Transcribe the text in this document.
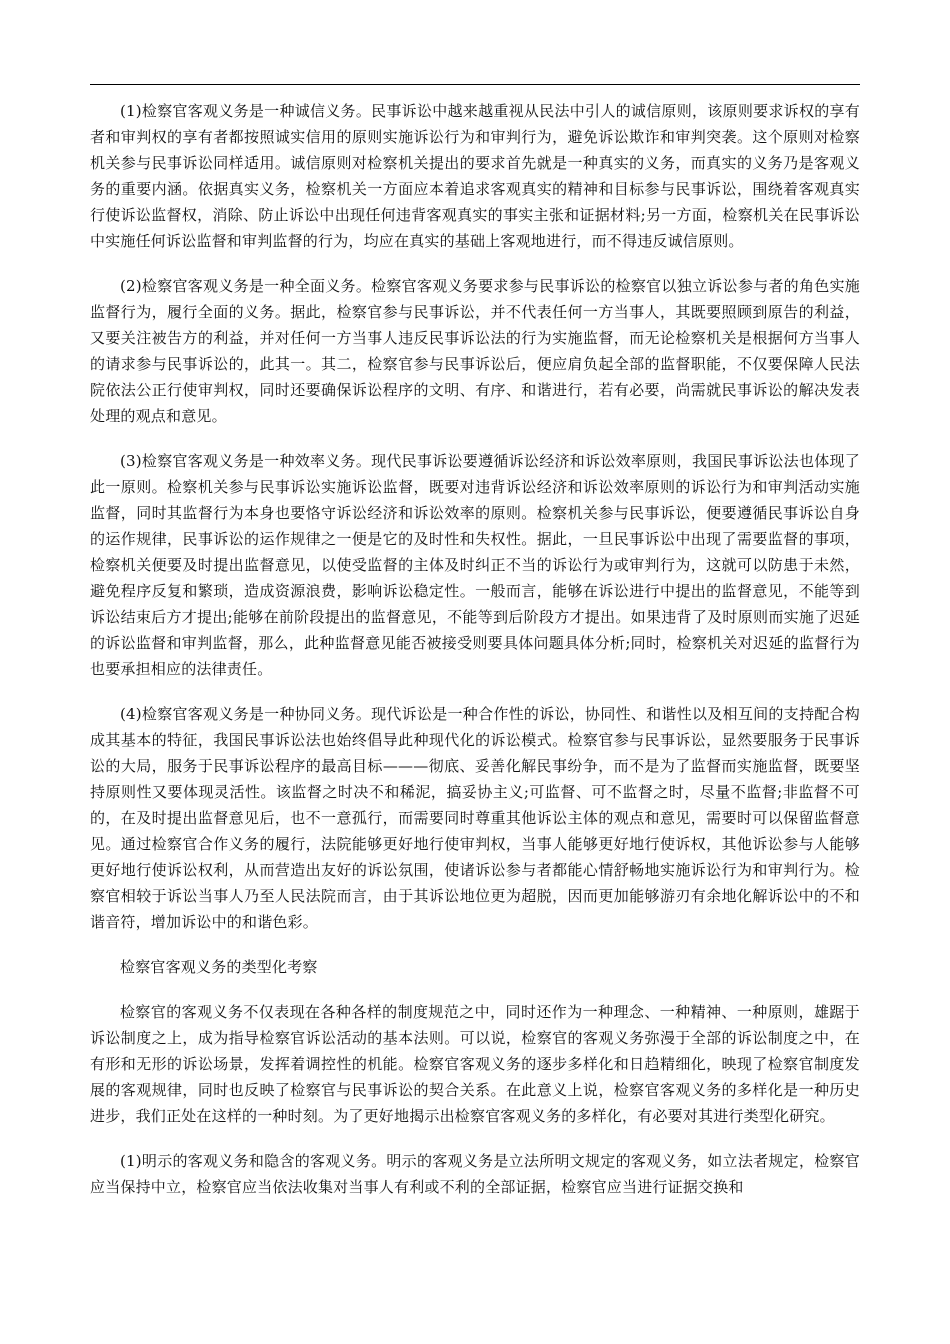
(1)检察官客观义务是一种诚信义务。民事诉讼中越来越重视从民法中引人的诚信原则，该原则要求诉权的享有者和审判权的享有者都按照诚实信用的原则实施诉讼行为和审判行为，避免诉讼欺诈和审判突袭。这个原则对检察机关参与民事诉讼同样适用。诚信原则对检察机关提出的要求首先就是一种真实的义务，而真实的义务乃是客观义务的重要内涵。依据真实义务，检察机关一方面应本着追求客观真实的精神和目标参与民事诉讼，围绕着客观真实行使诉讼监督权，消除、防止诉讼中出现任何违背客观真实的事实主张和证据材料;另一方面，检察机关在民事诉讼中实施任何诉讼监督和审判监督的行为，均应在真实的基础上客观地进行，而不得违反诚信原则。

(2)检察官客观义务是一种全面义务。检察官客观义务要求参与民事诉讼的检察官以独立诉讼参与者的角色实施监督行为，履行全面的义务。据此，检察官参与民事诉讼，并不代表任何一方当事人，其既要照顾到原告的利益，又要关注被告方的利益，并对任何一方当事人违反民事诉讼法的行为实施监督，而无论检察机关是根据何方当事人的请求参与民事诉讼的，此其一。其二，检察官参与民事诉讼后，便应肩负起全部的监督职能，不仅要保障人民法院依法公正行使审判权，同时还要确保诉讼程序的文明、有序、和谐进行，若有必要，尚需就民事诉讼的解决发表处理的观点和意见。

(3)检察官客观义务是一种效率义务。现代民事诉讼要遵循诉讼经济和诉讼效率原则，我国民事诉讼法也体现了此一原则。检察机关参与民事诉讼实施诉讼监督，既要对违背诉讼经济和诉讼效率原则的诉讼行为和审判活动实施监督，同时其监督行为本身也要恪守诉讼经济和诉讼效率的原则。检察机关参与民事诉讼，便要遵循民事诉讼自身的运作规律，民事诉讼的运作规律之一便是它的及时性和失权性。据此，一旦民事诉讼中出现了需要监督的事项，检察机关便要及时提出监督意见，以使受监督的主体及时纠正不当的诉讼行为或审判行为，这就可以防患于未然，避免程序反复和繁琐，造成资源浪费，影响诉讼稳定性。一般而言，能够在诉讼进行中提出的监督意见，不能等到诉讼结束后方才提出;能够在前阶段提出的监督意见，不能等到后阶段方才提出。如果违背了及时原则而实施了迟延的诉讼监督和审判监督，那么，此种监督意见能否被接受则要具体问题具体分析;同时，检察机关对迟延的监督行为也要承担相应的法律责任。

(4)检察官客观义务是一种协同义务。现代诉讼是一种合作性的诉讼，协同性、和谐性以及相互间的支持配合构成其基本的特征，我国民事诉讼法也始终倡导此种现代化的诉讼模式。检察官参与民事诉讼，显然要服务于民事诉讼的大局，服务于民事诉讼程序的最高目标———彻底、妥善化解民事纷争，而不是为了监督而实施监督，既要坚持原则性又要体现灵活性。该监督之时决不和稀泥，搞妥协主义;可监督、可不监督之时，尽量不监督;非监督不可的，在及时提出监督意见后，也不一意孤行，而需要同时尊重其他诉讼主体的观点和意见，需要时可以保留监督意见。通过检察官合作义务的履行，法院能够更好地行使审判权，当事人能够更好地行使诉权，其他诉讼参与人能够更好地行使诉讼权利，从而营造出友好的诉讼氛围，使诸诉讼参与者都能心情舒畅地实施诉讼行为和审判行为。检察官相较于诉讼当事人乃至人民法院而言，由于其诉讼地位更为超脱，因而更加能够游刃有余地化解诉讼中的不和谐音符，增加诉讼中的和谐色彩。

检察官客观义务的类型化考察

检察官的客观义务不仅表现在各种各样的制度规范之中，同时还作为一种理念、一种精神、一种原则，雄踞于诉讼制度之上，成为指导检察官诉讼活动的基本法则。可以说，检察官的客观义务弥漫于全部的诉讼制度之中，在有形和无形的诉讼场景，发挥着调控性的机能。检察官客观义务的逐步多样化和日趋精细化，映现了检察官制度发展的客观规律，同时也反映了检察官与民事诉讼的契合关系。在此意义上说，检察官客观义务的多样化是一种历史进步，我们正处在这样的一种时刻。为了更好地揭示出检察官客观义务的多样化，有必要对其进行类型化研究。

(1)明示的客观义务和隐含的客观义务。明示的客观义务是立法所明文规定的客观义务，如立法者规定，检察官应当保持中立，检察官应当依法收集对当事人有利或不利的全部证据，检察官应当进行证据交换和
